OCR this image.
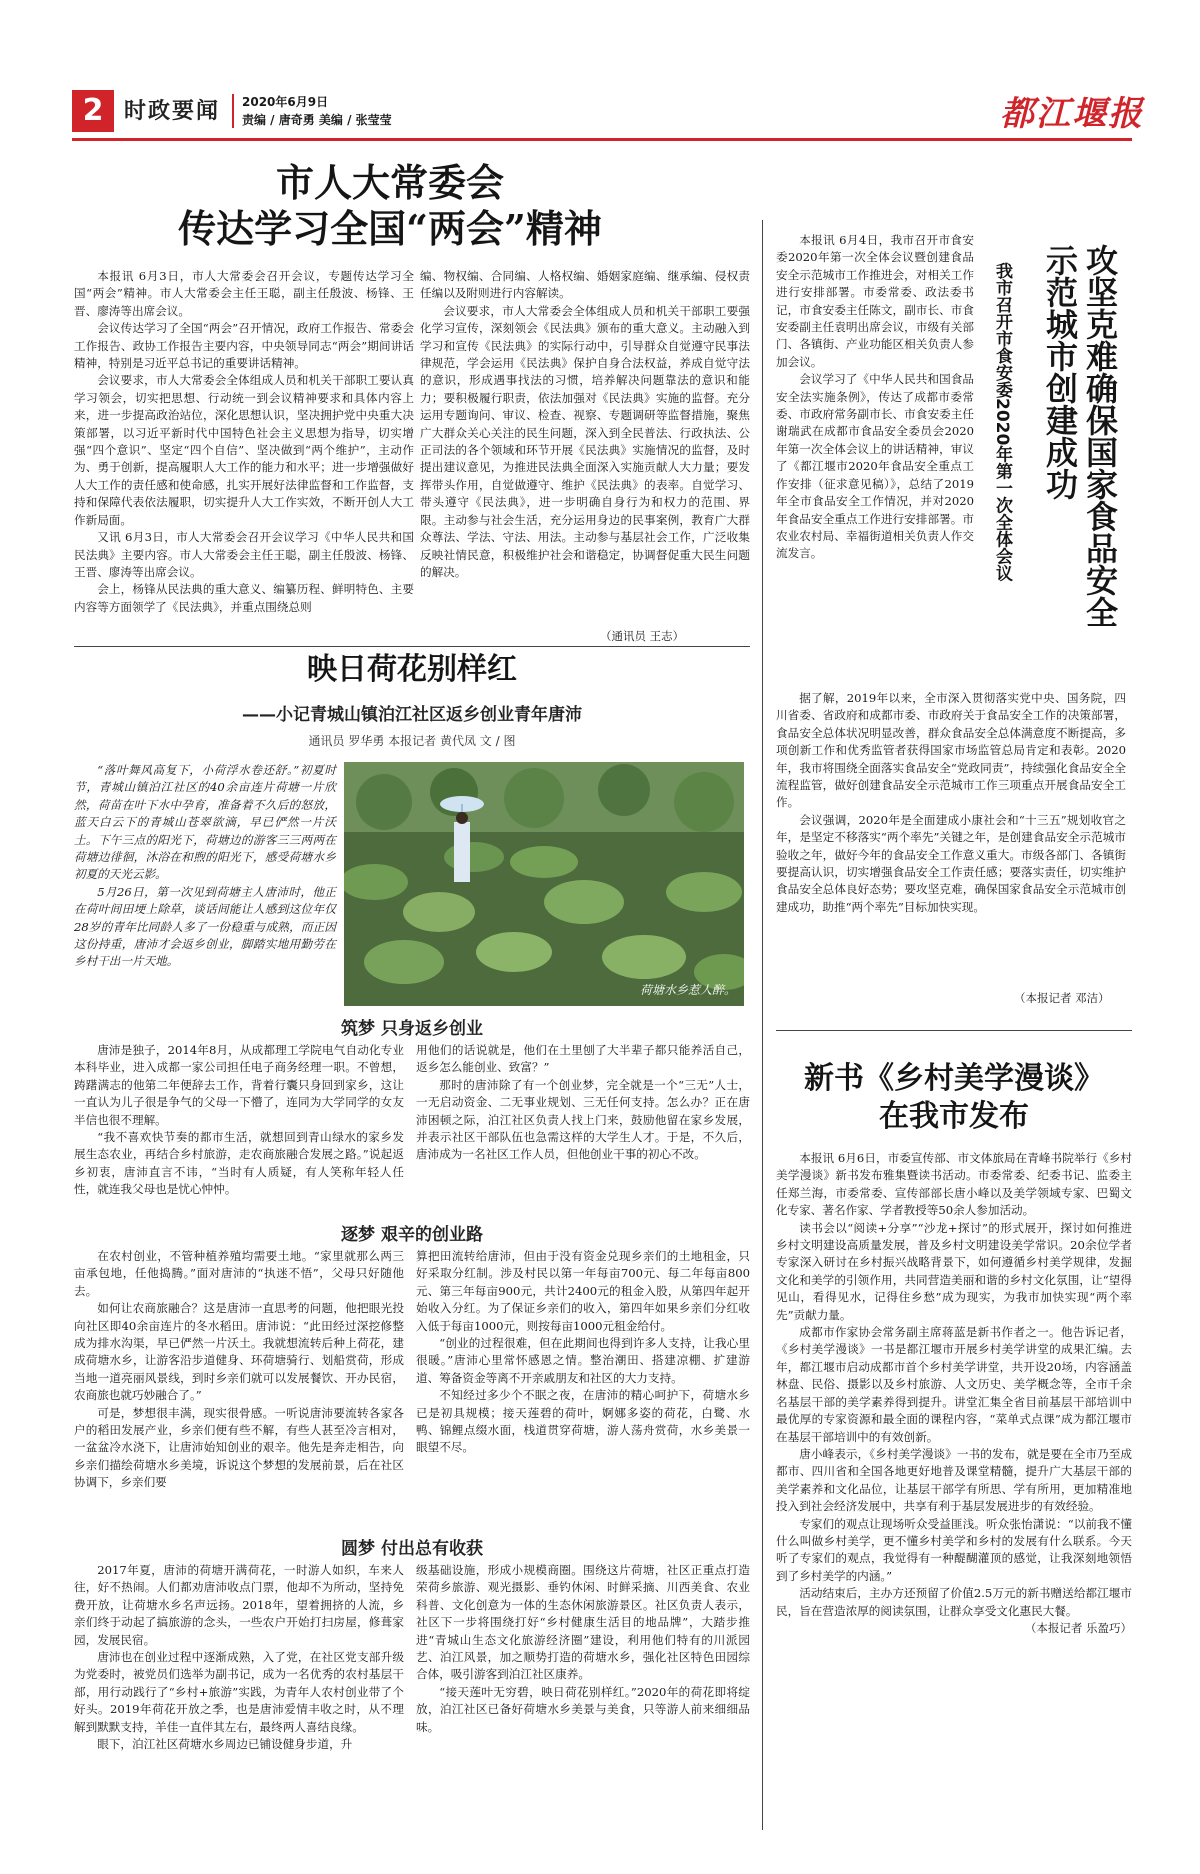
2 时政要闻 2020年6月9日
责编 / 唐奇勇 美编 / 张莹莹	都江堰报
市人大常委会
传达学习全国“两会”精神

本报讯 6月3日，市人大常委会召开会议，专题传达学习全国“两会”精神。市人大常委会主任王聪，副主任殷波、杨锋、王晋、廖涛等出席会议。

会议传达学习了全国“两会”召开情况，政府工作报告、常委会工作报告、政协工作报告主要内容，中央领导同志“两会”期间讲话精神，特别是习近平总书记的重要讲话精神。

会议要求，市人大常委会全体组成人员和机关干部职工要认真学习领会，切实把思想、行动统一到会议精神要求和具体内容上来，进一步提高政治站位，深化思想认识，坚决拥护党中央重大决策部署，以习近平新时代中国特色社会主义思想为指导，切实增强“四个意识”、坚定“四个自信”、坚决做到“两个维护”，主动作为、勇于创新，提高履职人大工作的能力和水平；进一步增强做好人大工作的责任感和使命感，扎实开展好法律监督和工作监督，支持和保障代表依法履职，切实提升人大工作实效，不断开创人大工作新局面。

又讯 6月3日，市人大常委会召开会议学习《中华人民共和国民法典》主要内容。市人大常委会主任王聪，副主任殷波、杨锋、王晋、廖涛等出席会议。

会上，杨锋从民法典的重大意义、编纂历程、鲜明特色、主要内容等方面领学了《民法典》，并重点围绕总则

编、物权编、合同编、人格权编、婚姻家庭编、继承编、侵权责任编以及附则进行内容解读。

会议要求，市人大常委会全体组成人员和机关干部职工要强化学习宣传，深刻领会《民法典》颁布的重大意义。主动融入到学习和宣传《民法典》的实际行动中，引导群众自觉遵守民事法律规范，学会运用《民法典》保护自身合法权益，养成自觉守法的意识，形成遇事找法的习惯，培养解决问题靠法的意识和能力；要积极履行职责，依法加强对《民法典》实施的监督。充分运用专题询问、审议、检查、视察、专题调研等监督措施，聚焦广大群众关心关注的民生问题，深入到全民普法、行政执法、公正司法的各个领域和环节开展《民法典》实施情况的监督，及时提出建议意见，为推进民法典全面深入实施贡献人大力量；要发挥带头作用，自觉做遵守、维护《民法典》的表率。自觉学习、带头遵守《民法典》，进一步明确自身行为和权力的范围、界限。主动参与社会生活，充分运用身边的民事案例，教育广大群众尊法、学法、守法、用法。主动参与基层社会工作，广泛收集反映社情民意，积极维护社会和谐稳定，协调督促重大民生问题的解决。

（通讯员 王志）
映日荷花别样红
——小记青城山镇泊江社区返乡创业青年唐沛
通讯员 罗华勇 本报记者 黄代凤 文 / 图

“落叶舞风高复下，小荷浮水卷还舒。”初夏时节，青城山镇泊江社区的40余亩连片荷塘一片欣然，荷苗在叶下水中孕育，准备着不久后的怒放，蓝天白云下的青城山苍翠欲滴，早已俨然一片沃土。下午三点的阳光下，荷塘边的游客三三两两在荷塘边徘徊，沐浴在和煦的阳光下，感受荷塘水乡初夏的天光云影。

5月26日，第一次见到荷塘主人唐沛时，他正在荷叶间田埂上除草，谈话间能让人感到这位年仅28岁的青年比同龄人多了一份稳重与成熟，而正因这份持重，唐沛才会返乡创业，脚踏实地用勤劳在乡村干出一片天地。

荷塘水乡惹人醉。
筑梦 只身返乡创业

唐沛是独子，2014年8月，从成都理工学院电气自动化专业本科毕业，进入成都一家公司担任电子商务经理一职。不曾想，踌躇满志的他第二年便辞去工作，背着行囊只身回到家乡，这让一直认为儿子很是争气的父母一下懵了，连同为大学同学的女友半信也很不理解。

“我不喜欢快节奏的都市生活，就想回到青山绿水的家乡发展生态农业，再结合乡村旅游，走农商旅融合发展之路。”说起返乡初衷，唐沛直言不讳，“当时有人质疑，有人笑称年轻人任性，就连我父母也是忧心忡忡。

用他们的话说就是，他们在土里刨了大半辈子都只能养活自己，返乡怎么能创业、致富？”

那时的唐沛除了有一个创业梦，完全就是一个“三无”人士，一无启动资金、二无事业规划、三无任何支持。怎么办？正在唐沛困顿之际，泊江社区负责人找上门来，鼓励他留在家乡发展，并表示社区干部队伍也急需这样的大学生人才。于是，不久后，唐沛成为一名社区工作人员，但他创业干事的初心不改。

逐梦 艰辛的创业路

在农村创业，不管种植养殖均需要土地。“家里就那么两三亩承包地，任他捣腾。”面对唐沛的“执迷不悟”，父母只好随他去。

如何让农商旅融合？这是唐沛一直思考的问题，他把眼光投向社区即40余亩连片的冬水稻田。唐沛说：“此田经过深挖修整成为排水沟渠，早已俨然一片沃土。我就想流转后种上荷花，建成荷塘水乡，让游客沿步道健身、环荷塘骑行、划船赏荷，形成当地一道亮丽风景线，到时乡亲们就可以发展餐饮、开办民宿，农商旅也就巧妙融合了。”

可是，梦想很丰满，现实很骨感。一听说唐沛要流转各家各户的稻田发展产业，乡亲们便有些不解，有些人甚至冷言相对，一盆盆冷水浇下，让唐沛始知创业的艰辛。他先是奔走相告，向乡亲们描绘荷塘水乡美境，诉说这个梦想的发展前景，后在社区协调下，乡亲们要

算把田流转给唐沛，但由于没有资金兑现乡亲们的土地租金，只好采取分红制。涉及村民以第一年每亩700元、每二年每亩800元、第三年每亩900元，共计2400元的租金入股，从第四年起开始收入分红。为了保证乡亲们的收入，第四年如果乡亲们分红收入低于每亩1000元，则按每亩1000元租金给付。

“创业的过程很难，但在此期间也得到许多人支持，让我心里很暖。”唐沛心里常怀感恩之情。整治潮田、搭建凉棚、扩建游道、筹备资金等离不开亲戚朋友和社区的大力支持。

不知经过多少个不眠之夜，在唐沛的精心呵护下，荷塘水乡已是初具规模；接天莲碧的荷叶，婀娜多姿的荷花，白鹭、水鸭、锦鲤点缀水面，栈道贯穿荷塘，游人荡舟赏荷，水乡美景一眼望不尽。

圆梦 付出总有收获

2017年夏，唐沛的荷塘开满荷花，一时游人如织，车来人往，好不热闹。人们都劝唐沛收点门票，他却不为所动，坚持免费开放，让荷塘水乡名声远扬。2018年，望着拥挤的人流，乡亲们终于动起了搞旅游的念头，一些农户开始打扫房屋，修葺家园，发展民宿。

唐沛也在创业过程中逐渐成熟，入了党，在社区党支部升级为党委时，被党员们选举为副书记，成为一名优秀的农村基层干部，用行动践行了“乡村+旅游”实践，为青年人农村创业带了个好头。2019年荷花开放之季，也是唐沛爱情丰收之时，从不理解到默默支持，羊佳一直伴其左右，最终两人喜结良缘。

眼下，泊江社区荷塘水乡周边已铺设健身步道，升

级基础设施，形成小规模商圈。围绕这片荷塘，社区正重点打造荣荷乡旅游、观光摄影、垂钓休闲、时鲜采摘、川西美食、农业科普、文化创意为一体的生态休闲旅游景区。社区负责人表示，社区下一步将围绕打好“乡村健康生活目的地品牌”，大踏步推进“青城山生态文化旅游经济圈”建设，利用他们特有的川派园艺、泊江风景，加之顺势打造的荷塘水乡，强化社区特色田园综合体，吸引游客到泊江社区康养。

“接天莲叶无穷碧，映日荷花别样红。”2020年的荷花即将绽放，泊江社区已备好荷塘水乡美景与美食，只等游人前来细细品味。

攻坚克难确保国家食品安全
示范城市创建成功
我市召开市食安委2020年第一次全体会议

本报讯 6月4日，我市召开市食安委2020年第一次全体会议暨创建食品安全示范城市工作推进会，对相关工作进行安排部署。市委常委、政法委书记，市食安委主任陈文，副市长、市食安委副主任袁明出席会议，市级有关部门、各镇街、产业功能区相关负责人参加会议。

会议学习了《中华人民共和国食品安全法实施条例》，传达了成都市委常委、市政府常务副市长、市食安委主任谢瑞武在成都市食品安全委员会2020年第一次全体会议上的讲话精神，审议了《都江堰市2020年食品安全重点工作安排（征求意见稿）》，总结了2019年全市食品安全工作情况，并对2020年食品安全重点工作进行安排部署。市农业农村局、幸福街道相关负责人作交流发言。

据了解，2019年以来，全市深入贯彻落实党中央、国务院，四川省委、省政府和成都市委、市政府关于食品安全工作的决策部署，食品安全总体状况明显改善，群众食品安全总体满意度不断提高，多项创新工作和优秀监管者获得国家市场监管总局肯定和表彰。2020年，我市将围绕全面落实食品安全“党政同责”，持续强化食品安全全流程监管，做好创建食品安全示范城市工作三项重点开展食品安全工作。

会议强调，2020年是全面建成小康社会和“十三五”规划收官之年，是坚定不移落实“两个率先”关键之年，是创建食品安全示范城市验收之年，做好今年的食品安全工作意义重大。市级各部门、各镇街要提高认识，切实增强食品安全工作责任感；要落实责任，切实维护食品安全总体良好态势；要攻坚克难，确保国家食品安全示范城市创建成功，助推“两个率先”目标加快实现。

（本报记者 邓洁）
新书《乡村美学漫谈》
在我市发布

本报讯 6月6日，市委宣传部、市文体旅局在青峰书院举行《乡村美学漫谈》新书发布雅集暨读书活动。市委常委、纪委书记、监委主任郑兰海，市委常委、宣传部部长唐小峰以及美学领域专家、巴蜀文化专家、著名作家、学者教授等50余人参加活动。

读书会以“阅读+分享”“沙龙+探讨”的形式展开，探讨如何推进乡村文明建设高质量发展，普及乡村文明建设美学常识。20余位学者专家深入研讨在乡村振兴战略背景下，如何遵循乡村美学规律，发掘文化和美学的引领作用，共同营造美丽和谐的乡村文化氛围，让“望得见山，看得见水，记得住乡愁”成为现实，为我市加快实现“两个率先”贡献力量。

成都市作家协会常务副主席蒋蓝是新书作者之一。他告诉记者，《乡村美学漫谈》一书是都江堰市开展乡村美学讲堂的成果汇编。去年，都江堰市启动成都市首个乡村美学讲堂，共开设20场，内容涵盖林盘、民俗、摄影以及乡村旅游、人文历史、美学概念等，全市千余名基层干部的美学素养得到提升。讲堂汇集全省目前基层干部培训中最优厚的专家资源和最全面的课程内容，“菜单式点课”成为都江堰市在基层干部培训中的有效创新。

唐小峰表示，《乡村美学漫谈》一书的发布，就是要在全市乃至成都市、四川省和全国各地更好地普及课堂精髓，提升广大基层干部的美学素养和文化品位，让基层干部学有所思、学有所用，更加精准地投入到社会经济发展中，共享有利于基层发展进步的有效经验。

专家们的观点让现场听众受益匪浅。听众张怡潇说：“以前我不懂什么叫做乡村美学，更不懂乡村美学和乡村的发展有什么联系。今天听了专家们的观点，我觉得有一种醍醐灌顶的感觉，让我深刻地领悟到了乡村美学的内涵。”

活动结束后，主办方还预留了价值2.5万元的新书赠送给都江堰市民，旨在营造浓厚的阅读氛围，让群众享受文化惠民大餐。

（本报记者 乐盈巧）
